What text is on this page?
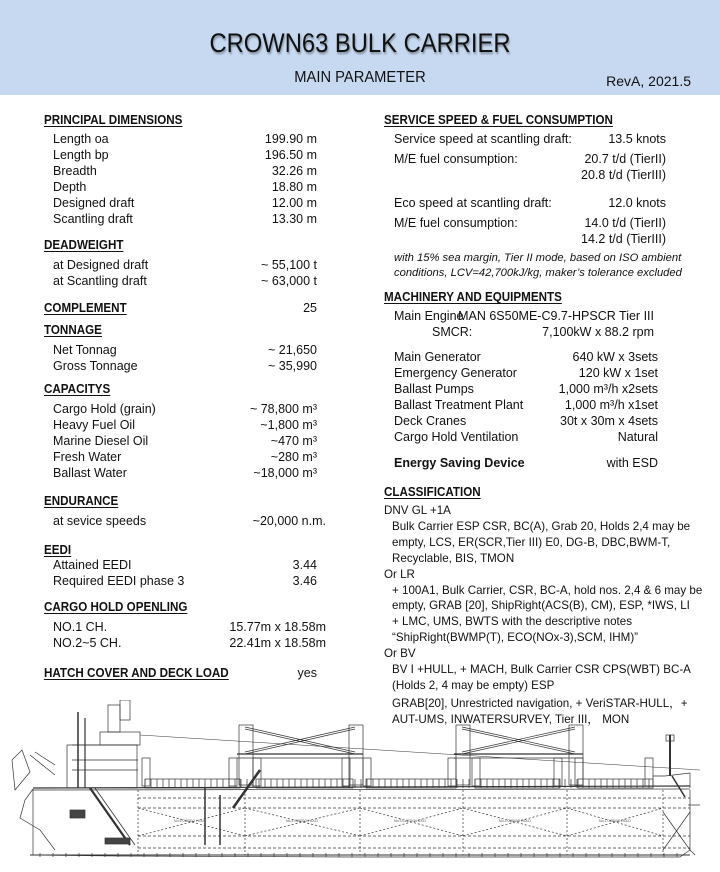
CROWN63 BULK CARRIER
MAIN PARAMETER	RevA, 2021.5
PRINCIPAL DIMENSIONS
Length oa	199.90 m
Length bp	196.50 m
Breadth	32.26 m
Depth	18.80 m
Designed draft	12.00 m
Scantling draft	13.30 m
DEADWEIGHT
at Designed draft	~ 55,100 t
at Scantling draft	~ 63,000 t
COMPLEMENT	25
TONNAGE
Net Tonnag	~ 21,650
Gross Tonnage	~ 35,990
CAPACITYS
Cargo Hold (grain)	~ 78,800 m³
Heavy Fuel Oil	~1,800 m³
Marine Diesel Oil	~470 m³
Fresh Water	~280 m³
Ballast Water	~18,000 m³
ENDURANCE
at sevice speeds	~20,000 n.m.
EEDI
Attained EEDI	3.44
Required EEDI phase 3	3.46
CARGO HOLD OPENLING
NO.1 CH.	15.77m x 18.58m
NO.2~5 CH.	22.41m x 18.58m
HATCH COVER AND DECK LOAD	yes
SERVICE SPEED & FUEL CONSUMPTION
Service speed at scantling draft:	13.5 knots
M/E fuel consumption:	20.7 t/d (TierII)
20.8 t/d (TierIII)
Eco speed at scantling draft:	12.0 knots
M/E fuel consumption:	14.0 t/d (TierII)
14.2 t/d (TierIII)
with 15% sea margin, Tier II mode, based on ISO ambient
conditions, LCV=42,700kJ/kg, maker’s tolerance excluded
MACHINERY AND EQUIPMENTS
Main Engine
MAN 6S50ME-C9.7-HPSCR Tier III
SMCR:	7,100kW x 88.2 rpm
Main Generator	640 kW x 3sets
Emergency Generator	120 kW x 1set
Ballast Pumps	1,000 m³/h x2sets
Ballast Treatment Plant	1,000 m³/h x1set
Deck Cranes	30t x 30m x 4sets
Cargo Hold Ventilation	Natural
Energy Saving Device	with ESD
CLASSIFICATION
DNV GL +1A
Bulk Carrier ESP CSR, BC(A), Grab 20, Holds 2,4 may be
empty, LCS, ER(SCR,Tier III) E0, DG-B, DBC,BWM-T,
Recyclable, BIS, TMON
Or LR
+ 100A1, Bulk Carrier, CSR, BC-A, hold nos. 2,4 & 6 may be
empty, GRAB [20], ShipRight(ACS(B), CM), ESP, *IWS, LI
+ LMC, UMS, BWTS with the descriptive notes
“ShipRight(BWMP(T), ECO(NOx-3),SCM, IHM)”
Or BV
BV I +HULL, + MACH, Bulk Carrier CSR CPS(WBT) BC-A
(Holds 2, 4 may be empty) ESP
GRAB[20], Unrestricted navigation, + VeriSTAR-HULL，+
AUT-UMS, INWATERSURVEY, Tier III， MON
No.5 CARGO HOLD	No.4 CARGO HOLD	No.3 CARGO HOLD	No.2 CARGO HOLD	No.1 CARGO HOLD
